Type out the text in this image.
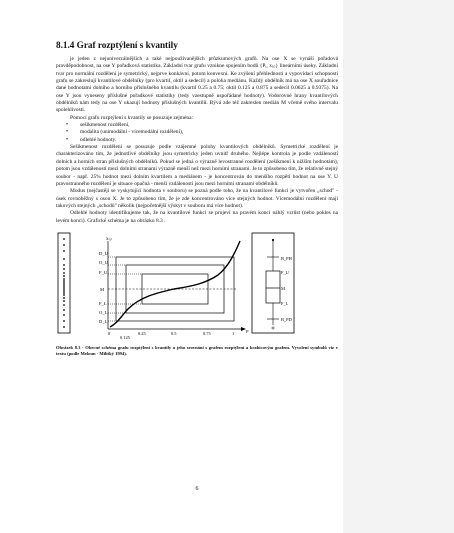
8.1.4 Graf rozptýlení s kvantily

je jeden z nejuniverzálnějších a také nejpoužívanějších průzkumových grafů. Na ose X se vynáší pořadová pravděpodobnost, na ose Y pořadková statistika. Základní tvar grafu vznikne spojením bodů {Pᵢ, x₍ᵢ₎} lineárními úseky. Základní tvar pro normální rozdělení je symetrický, nejprve konkávní, potom konvexní. Ke zvýšení přehlednosti a vypovídací schopnosti grafu se zakreslují kvantilové obdélníky (pro kvartil, oktil a sedecil) a poloha mediánu. Každý obdélník má na ose X souřadnice dané hodnotami dolního a horního příslušného kvantilu (kvartil 0.25 a 0.75; oktil 0.125 a 0.875 a sedecil 0.0625 a 0.9375). Na ose Y jsou vyneseny příslušné pořadkové statistiky (tedy vzestupně uspořádané hodnoty). Vodorovné hrany kvantilových obdélníků nám tedy na ose Y ukazují hodnoty příslušných kvantilů. Bývá zde též zakreslen medián M včetně svého intervalu spolehlivosti.

Pomocí grafu rozptýlení s kvantily se posuzuje zejména:

• sešikmenost rozdělení,
• modalita (unimodální - vícemodální rozdělení),
• odlehlé hodnoty.

Sešikmenost rozdělení se posuzuje podle vzájemné polohy kvantilových obdélníků. Symetrické rozdělení je charakterizováno tím, že jednotlivé obdélníky jsou symetricky jeden uvnitř druhého. Nejlépe kontrola je podle vzdáleností dolních a horních stran příslušných obdélníků. Pokud se jedná o výrazně levostranné rozdělení (zešikmení k nižším hodnotám), potom jsou vzdálenosti mezi dolními stranami výrazně menší než mezi horními stranami. Je to způsobeno tím, že relativně stejný soubor - např. 25% hodnot mezi dolním kvartilem a mediánem - je koncentrován do menšího rozpětí hodnot na ose Y. U pravostranného rozdělení je situace opačná - menší vzdálenosti jsou mezi horními stranami obdélníků.

Modus (nejčastěji se vyskytující hodnota v souboru) se pozná podle toho, že na kvantilové funkci je vytvořen „schod" - úsek rovnoběžný s osou X. Je to způsobeno tím, že je zde koncentrováno více stejných hodnot. Vícemodální rozdělení mají takových stejných „schodů" několik (nejpočetnější výskyt v souboru má více hodnot).

Odlehlé hodnoty identifikujeme tak, že na kvantilové funkci se projeví na pravém konci náhlý vzrůst (nebo pokles na levém konci). Grafické schéma je na obrázku 8.3 .

x₍ᵢ₎
D_U
O_U
F_U
M
F_L
O_L
D_L
0
0.125
0.25	0.5	0.75	1	P
B_PH
F_U
M
F_L
B_PD

Obrázek 8.3 - Obecné schéma grafu rozptýlení s kvantily a jeho srovnání s grafem rozptýlení a krabicovým grafem. Vyvolení symbolů viz v textu (podle Meloun - Militký 1994).

6
